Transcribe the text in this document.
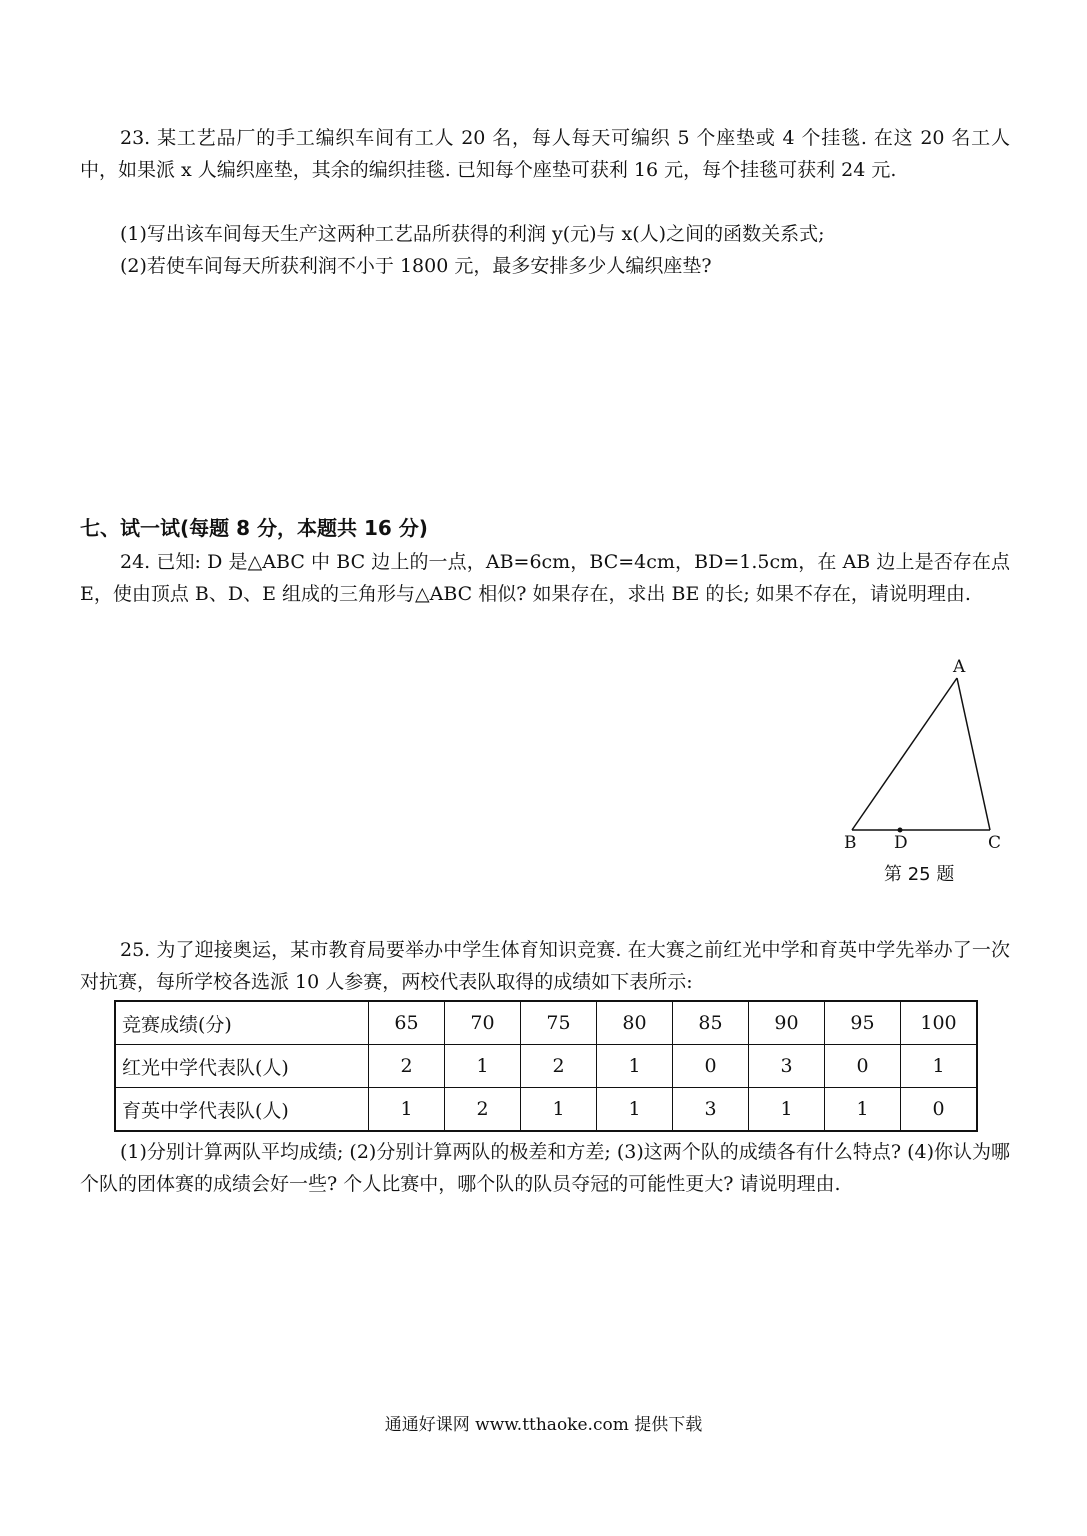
23. 某工艺品厂的手工编织车间有工人 20 名，每人每天可编织 5 个座垫或 4 个挂毯. 在这 20 名工人中，如果派 x 人编织座垫，其余的编织挂毯. 已知每个座垫可获利 16 元，每个挂毯可获利 24 元.

(1)写出该车间每天生产这两种工艺品所获得的利润 y(元)与 x(人)之间的函数关系式;

(2)若使车间每天所获利润不小于 1800 元，最多安排多少人编织座垫?

七、试一试(每题 8 分，本题共 16 分)

24. 已知: D 是△ABC 中 BC 边上的一点，AB=6cm，BC=4cm，BD=1.5cm，在 AB 边上是否存在点 E，使由顶点 B、D、E 组成的三角形与△ABC 相似? 如果存在，求出 BE 的长; 如果不存在，请说明理由.

A
B D	C
第 25 题

25. 为了迎接奥运，某市教育局要举办中学生体育知识竞赛. 在大赛之前红光中学和育英中学先举办了一次对抗赛，每所学校各选派 10 人参赛，两校代表队取得的成绩如下表所示:

竞赛成绩(分)	65	70	75	80	85	90	95	100
红光中学代表队(人)	2	1	2	1	0	3	0	1
育英中学代表队(人)	1	2	1	1	3	1	1	0

(1)分别计算两队平均成绩; (2)分别计算两队的极差和方差; (3)这两个队的成绩各有什么特点? (4)你认为哪个队的团体赛的成绩会好一些? 个人比赛中，哪个队的队员夺冠的可能性更大? 请说明理由.

通通好课网 www.tthaoke.com 提供下载
